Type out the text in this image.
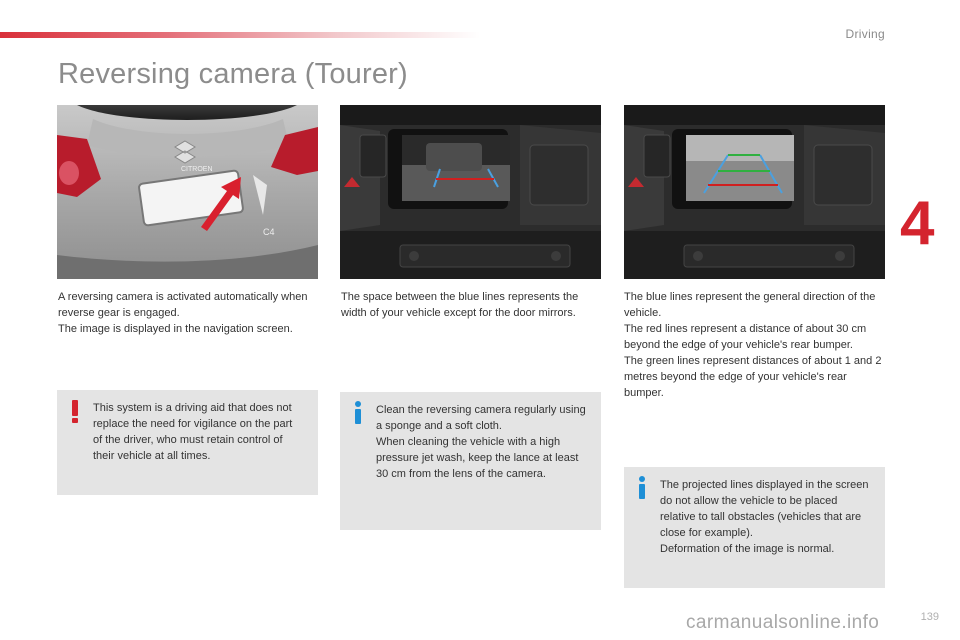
Driving
Reversing camera (Tourer)
4
CITROEN
C4

A reversing camera is activated automatically when reverse gear is engaged.

The image is displayed in the navigation screen.

The space between the blue lines represents the width of your vehicle except for the door mirrors.

The blue lines represent the general direction of the vehicle.

The red lines represent a distance of about 30 cm beyond the edge of your vehicle's rear bumper.

The green lines represent distances of about 1 and 2 metres beyond the edge of your vehicle's rear bumper.

This system is a driving aid that does not replace the need for vigilance on the part of the driver, who must retain control of their vehicle at all times.

Clean the reversing camera regularly using a sponge and a soft cloth.

When cleaning the vehicle with a high pressure jet wash, keep the lance at least 30 cm from the lens of the camera.

The projected lines displayed in the screen do not allow the vehicle to be placed relative to tall obstacles (vehicles that are close for example).

Deformation of the image is normal.

carmanualsonline.info	139
